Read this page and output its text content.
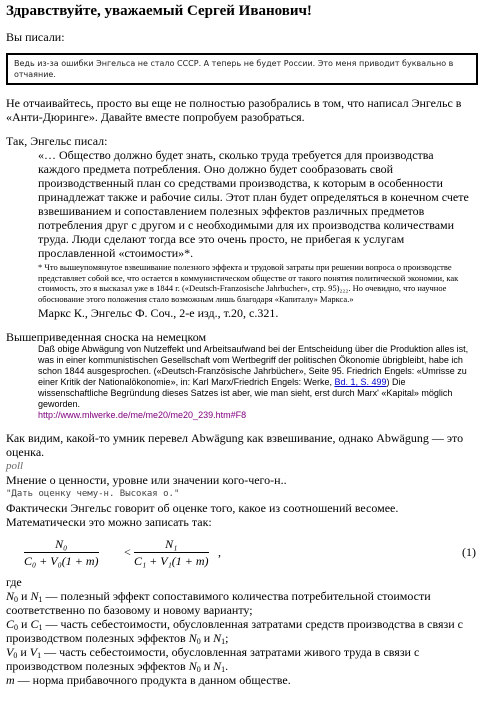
Здравствуйте, уважаемый Сергей Иванович!

Вы писали:

Ведь из-за ошибки Энгельса не стало СССР. А теперь не будет России. Это меня приводит буквально в отчаяние.

Не отчаивайтесь, просто вы еще не полностью разобрались в том, что написал Энгельс в «Анти-Дюринге». Давайте вместе попробуем разобраться.

Так, Энгельс писал:

«… Общество должно будет знать, сколько труда требуется для производства каждого предмета потребления. Оно должно будет сообразовать свой производственный план со средствами производства, к которым в особенности принадлежат также и рабочие силы. Этот план будет определяться в конечном счете взвешиванием и сопоставлением полезных эффектов различных предметов потребления друг с другом и с необходимыми для их производства количествами труда. Люди сделают тогда все это очень просто, не прибегая к услугам прославленной «стоимости»*.

* Что вышеупомянутое взвешивание полезного эффекта и трудовой затраты при решении вопроса о производстве представляет собой все, что остается в коммунистическом обществе от такого понятия политической экономии, как стоимость, это я высказал уже в 1844 г. («Deutsch-Franzosische Jahrbucher», стр. 95)₂₂₂. Но очевидно, что научное обоснование этого положения стало возможным лишь благодаря «Капиталу» Маркса.»

Маркс К., Энгельс Ф. Соч., 2-е изд., т.20, с.321.

Вышеприведенная сноска на немецком

Daß obige Abwägung von Nutzeffekt und Arbeitsaufwand bei der Entscheidung über die Produktion alles ist, was in einer kommunistischen Gesellschaft vom Wertbegriff der politischen Ökonomie übrigbleibt, habe ich schon 1844 ausgesprochen. («Deutsch-Französische Jahrbücher», Seite 95. Friedrich Engels: «Umrisse zu einer Kritik der Nationalökonomie», in: Karl Marx/Friedrich Engels: Werke, Bd. 1, S. 499) Die wissenschaftliche Begründung dieses Satzes ist aber, wie man sieht, erst durch Marx' «Kapital» möglich geworden.
http://www.mlwerke.de/me/me20/me20_239.htm#F8

Как видим, какой-то умник перевел Abwägung как взвешивание, однако Abwägung — это оценка.

poll

Мнение о ценности, уровне или значении кого-чего-н..

"Дать оценку чему-н. Высокая о."

Фактически Энгельс говорит об оценке того, какое из соотношений весомее.

Математически это можно записать так:

$\frac{\text{N₀}}{\text{C₀ + V₀(1 + m)}} < \frac{\text{N₁}}{\text{C₁ + V₁(1 + m)}}$ ,	(1)

где

$N_0$ и $N_1$ — полезный эффект сопоставимого количества потребительной стоимости соответственно по базовому и новому варианту;

$C_0$ и $C_1$ — часть себестоимости, обусловленная затратами средств производства в связи с производством полезных эффектов $N_0$ и $N_1$;

$V_0$ и $V_1$ — часть себестоимости, обусловленная затратами живого труда в связи с производством полезных эффектов $N_0$ и $N_1$.

m — норма прибавочного продукта в данном обществе.
